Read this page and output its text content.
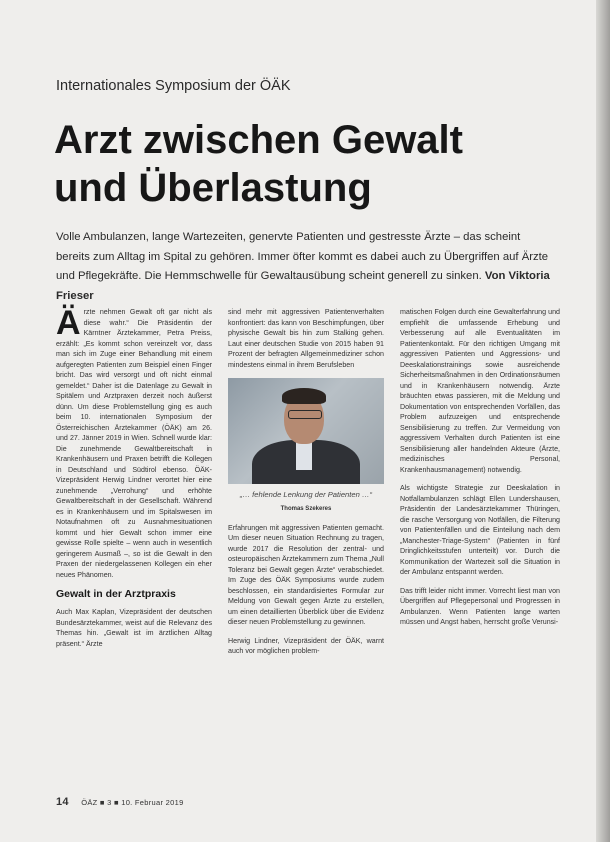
Internationales Symposium der ÖÄK
Arzt zwischen Gewalt
und Überlastung
Volle Ambulanzen, lange Wartezeiten, genervte Patienten und gestresste Ärzte – das scheint bereits zum Alltag im Spital zu gehören. Immer öfter kommt es dabei auch zu Übergriffen auf Ärzte und Pflegekräfte. Die Hemmschwelle für Gewaltausübung scheint generell zu sinken. Von Viktoria Frieser

Ärzte nehmen Gewalt oft gar nicht als diese wahr.“ Die Präsidentin der Kärntner Ärztekammer, Petra Preiss, erzählt: „Es kommt schon vereinzelt vor, dass man sich im Zuge einer Behandlung mit einem aufgeregten Patienten zum Beispiel einen Finger bricht. Das wird versorgt und oft nicht einmal gemeldet.“ Daher ist die Datenlage zu Gewalt in Spitälern und Arztpraxen derzeit noch äußerst dünn. Um diese Problemstellung ging es auch beim 10. internationalen Symposium der Österreichischen Ärztekammer (ÖÄK) am 26. und 27. Jänner 2019 in Wien. Schnell wurde klar: Die zunehmende Gewaltbereitschaft in Krankenhäusern und Praxen betrifft die Kollegen in Deutschland und Südtirol ebenso. ÖÄK-Vizepräsident Herwig Lindner verortet hier eine zunehmende „Verrohung“ und erhöhte Gewaltbereitschaft in der Gesellschaft. Während es in Krankenhäusern und im Spitalswesen im Notaufnahmen oft zu Ausnahmesituationen kommt und hier Gewalt schon immer eine gewisse Rolle spielte – wenn auch in wesentlich geringerem Ausmaß –, so ist die Gewalt in den Praxen der niedergelassenen Kollegen ein eher neues Phänomen.

Gewalt in der Arztpraxis

Auch Max Kaplan, Vizepräsident der deutschen Bundesärztekammer, weist auf die Relevanz des Themas hin. „Gewalt ist im ärztlichen Alltag präsent.“ Ärzte

sind mehr mit aggressiven Patientenverhalten konfrontiert: das kann von Beschimpfungen, über physische Gewalt bis hin zum Stalking gehen. Laut einer deutschen Studie von 2015 haben 91 Prozent der befragten Allgemeinmediziner schon mindestens einmal in ihrem Berufsleben

„… fehlende Lenkung der Patienten …“
Thomas Szekeres

Erfahrungen mit aggressiven Patienten gemacht. Um dieser neuen Situation Rechnung zu tragen, wurde 2017 die Resolution der zentral- und osteuropäischen Ärztekammern zum Thema „Null Toleranz bei Gewalt gegen Ärzte“ verabschiedet. Im Zuge des ÖÄK Symposiums wurde zudem beschlossen, ein standardisiertes Formular zur Meldung von Gewalt gegen Ärzte zu erstellen, um einen detaillierten Überblick über die Evidenz dieser neuen Problemstellung zu gewinnen.

Herwig Lindner, Vizepräsident der ÖÄK, warnt auch vor möglichen problem-

matischen Folgen durch eine Gewalterfahrung und empfiehlt die umfassende Erhebung und Verbesserung auf alle Eventualitäten im Patientenkontakt. Für den richtigen Umgang mit aggressiven Patienten und Aggressions- und Deeskalationstrainings sowie ausreichende Sicherheitsmaßnahmen in den Ordinationsräumen und in Krankenhäusern notwendig. Ärzte bräuchten etwas passieren, mit die Meldung und Dokumentation von entsprechenden Vorfällen, das Problem aufzuzeigen und entsprechende Sensibilisierung zu treffen. Zur Vermeidung von aggressivem Verhalten durch Patienten ist eine Sensibilisierung aller handelnden Akteure (Ärzte, medizinisches Personal, Krankenhausmanagement) notwendig.

Als wichtigste Strategie zur Deeskalation in Notfallambulanzen schlägt Ellen Lundershausen, Präsidentin der Landesärztekammer Thüringen, die rasche Versorgung von Notfällen, die Filterung von Patientenfällen und die Einteilung nach dem „Manchester-Triage-System“ (Patienten in fünf Dringlichkeitsstufen unterteilt) vor. Durch die Kommunikation der Wartezeit soll die Situation in der Ambulanz entspannt werden.

Das trifft leider nicht immer. Vorrecht liest man von Übergriffen auf Pflegepersonal und Progressen in Ambulanzen. Wenn Patienten lange warten müssen und Angst haben, herrscht große Verunsi-

14 ÖÄZ ■ 3 ■ 10. Februar 2019
